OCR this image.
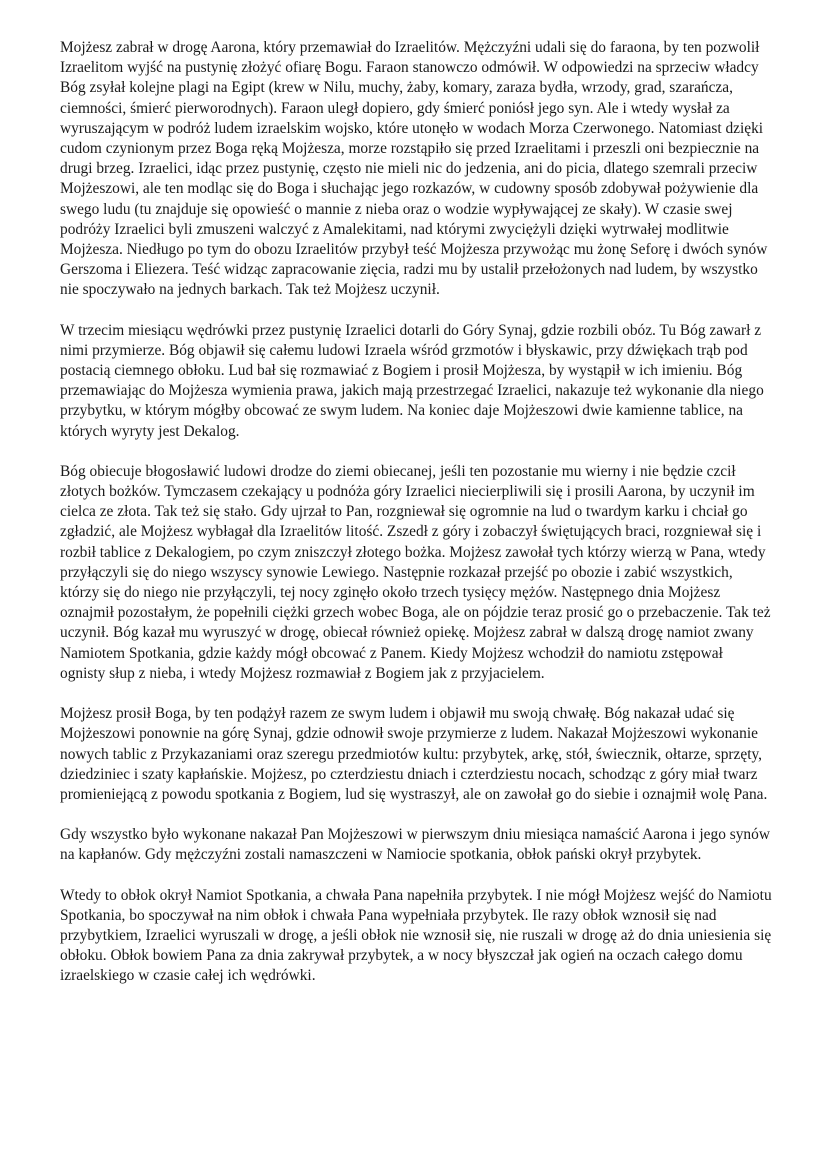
Mojżesz zabrał w drogę Aarona, który przemawiał do Izraelitów. Mężczyźni udali się do faraona, by ten pozwolił Izraelitom wyjść na pustynię złożyć ofiarę Bogu. Faraon stanowczo odmówił. W odpowiedzi na sprzeciw władcy Bóg zsyłał kolejne plagi na Egipt (krew w Nilu, muchy, żaby, komary, zaraza bydła, wrzody, grad, szarańcza, ciemności, śmierć pierworodnych). Faraon uległ dopiero, gdy śmierć poniósł jego syn. Ale i wtedy wysłał za wyruszającym w podróż ludem izraelskim wojsko, które utonęło w wodach Morza Czerwonego. Natomiast dzięki cudom czynionym przez Boga ręką Mojżesza, morze rozstąpiło się przed Izraelitami i przeszli oni bezpiecznie na drugi brzeg. Izraelici, idąc przez pustynię, często nie mieli nic do jedzenia, ani do picia, dlatego szemrali przeciw Mojżeszowi, ale ten modląc się do Boga i słuchając jego rozkazów, w cudowny sposób zdobywał pożywienie dla swego ludu (tu znajduje się opowieść o mannie z nieba oraz o wodzie wypływającej ze skały). W czasie swej podróży Izraelici byli zmuszeni walczyć z Amalekitami, nad którymi zwyciężyli dzięki wytrwałej modlitwie Mojżesza. Niedługo po tym do obozu Izraelitów przybył teść Mojżesza przywożąc mu żonę Seforę i dwóch synów Gerszoma i Eliezera. Teść widząc zapracowanie zięcia, radzi mu by ustalił przełożonych nad ludem, by wszystko nie spoczywało na jednych barkach. Tak też Mojżesz uczynił.

W trzecim miesiącu wędrówki przez pustynię Izraelici dotarli do Góry Synaj, gdzie rozbili obóz. Tu Bóg zawarł z nimi przymierze. Bóg objawił się całemu ludowi Izraela wśród grzmotów i błyskawic, przy dźwiękach trąb pod postacią ciemnego obłoku. Lud bał się rozmawiać z Bogiem i prosił Mojżesza, by wystąpił w ich imieniu. Bóg przemawiając do Mojżesza wymienia prawa, jakich mają przestrzegać Izraelici, nakazuje też wykonanie dla niego przybytku, w którym mógłby obcować ze swym ludem. Na koniec daje Mojżeszowi dwie kamienne tablice, na których wyryty jest Dekalog.

Bóg obiecuje błogosławić ludowi drodze do ziemi obiecanej, jeśli ten pozostanie mu wierny i nie będzie czcił złotych bożków. Tymczasem czekający u podnóża góry Izraelici niecierpliwili się i prosili Aarona, by uczynił im cielca ze złota. Tak też się stało. Gdy ujrzał to Pan, rozgniewał się ogromnie na lud o twardym karku i chciał go zgładzić, ale Mojżesz wybłagał dla Izraelitów litość. Zszedł z góry i zobaczył świętujących braci, rozgniewał się i rozbił tablice z Dekalogiem, po czym zniszczył złotego bożka. Mojżesz zawołał tych którzy wierzą w Pana, wtedy przyłączyli się do niego wszyscy synowie Lewiego. Następnie rozkazał przejść po obozie i zabić wszystkich, którzy się do niego nie przyłączyli, tej nocy zginęło około trzech tysięcy mężów. Następnego dnia Mojżesz oznajmił pozostałym, że popełnili ciężki grzech wobec Boga, ale on pójdzie teraz prosić go o przebaczenie. Tak też uczynił. Bóg kazał mu wyruszyć w drogę, obiecał również opiekę. Mojżesz zabrał w dalszą drogę namiot zwany Namiotem Spotkania, gdzie każdy mógł obcować z Panem. Kiedy Mojżesz wchodził do namiotu zstępował ognisty słup z nieba, i wtedy Mojżesz rozmawiał z Bogiem jak z przyjacielem.

Mojżesz prosił Boga, by ten podążył razem ze swym ludem i objawił mu swoją chwałę. Bóg nakazał udać się Mojżeszowi ponownie na górę Synaj, gdzie odnowił swoje przymierze z ludem. Nakazał Mojżeszowi wykonanie nowych tablic z Przykazaniami oraz szeregu przedmiotów kultu: przybytek, arkę, stół, świecznik, ołtarze, sprzęty, dziedziniec i szaty kapłańskie. Mojżesz, po czterdziestu dniach i czterdziestu nocach, schodząc z góry miał twarz promieniejącą z powodu spotkania z Bogiem, lud się wystraszył, ale on zawołał go do siebie i oznajmił wolę Pana.

Gdy wszystko było wykonane nakazał Pan Mojżeszowi w pierwszym dniu miesiąca namaścić Aarona i jego synów na kapłanów. Gdy mężczyźni zostali namaszczeni w Namiocie spotkania, obłok pański okrył przybytek.

Wtedy to obłok okrył Namiot Spotkania, a chwała Pana napełniła przybytek. I nie mógł Mojżesz wejść do Namiotu Spotkania, bo spoczywał na nim obłok i chwała Pana wypełniała przybytek. Ile razy obłok wznosił się nad przybytkiem, Izraelici wyruszali w drogę, a jeśli obłok nie wznosił się, nie ruszali w drogę aż do dnia uniesienia się obłoku. Obłok bowiem Pana za dnia zakrywał przybytek, a w nocy błyszczał jak ogień na oczach całego domu izraelskiego w czasie całej ich wędrówki.
